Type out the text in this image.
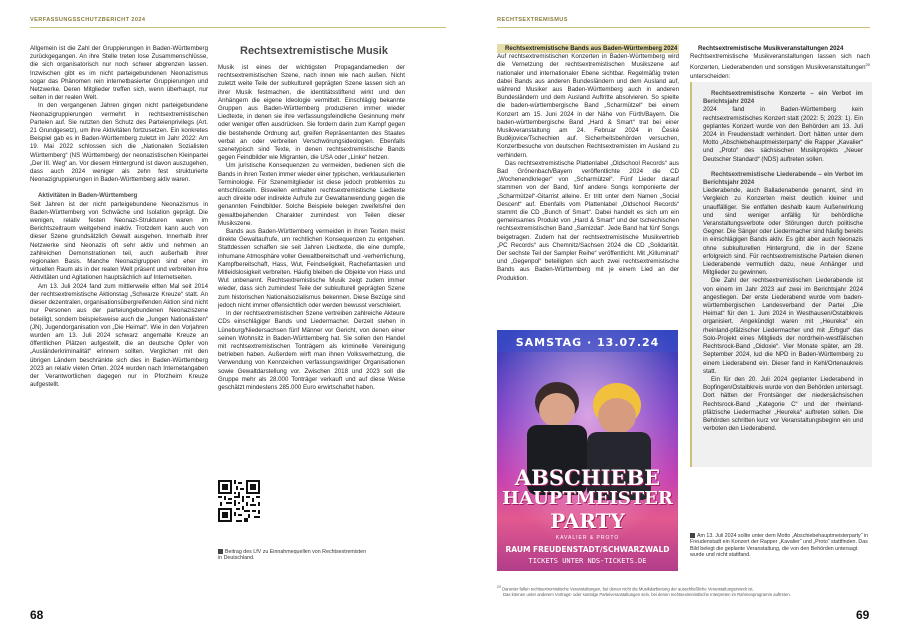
VERFASSUNGSSCHUTZBERICHT 2024	RECHTSEXTREMISMUS

Allgemein ist die Zahl der Gruppierungen in Baden-Württemberg zurückgegangen. An ihre Stelle treten lose Zusammenschlüsse, die sich organisatorisch nur noch schwer abgrenzen lassen. Inzwischen gibt es im nicht parteigebundenen Neonazismus sogar das Phänomen rein internetbasierter Gruppierungen und Netzwerke. Deren Mitglieder treffen sich, wenn überhaupt, nur selten in der realen Welt.

In den vergangenen Jahren gingen nicht parteigebundene Neonazigruppierungen vermehrt in rechtsextremistischen Parteien auf. Sie nutzten den Schutz des Parteienprivilegs (Art. 21 Grundgesetz), um ihre Aktivitäten fortzusetzen. Ein konkretes Beispiel gab es in Baden-Württemberg zuletzt im Jahr 2022: Am 19. Mai 2022 schlossen sich die „Nationalen Sozialisten Württemberg“ (NS Württemberg) der neonazistischen Kleinpartei „Der III. Weg“ an. Vor diesem Hintergrund ist davon auszugehen, dass auch 2024 weniger als zehn fest strukturierte Neonazigruppierungen in Baden-Württemberg aktiv waren.

Aktivitäten in Baden-Württemberg

Seit Jahren ist der nicht parteigebundene Neonazismus in Baden-Württemberg von Schwäche und Isolation geprägt. Die wenigen, relativ festen Neonazi-Strukturen waren im Berichtszeitraum weitgehend inaktiv. Trotzdem kann auch von dieser Szene grundsätzlich Gewalt ausgehen. Innerhalb ihrer Netzwerke sind Neonazis oft sehr aktiv und nehmen an zahlreichen Demonstrationen teil, auch außerhalb ihrer regionalen Basis. Manche Neonazigruppen sind eher im virtuellen Raum als in der realen Welt präsent und verbreiten ihre Aktivitäten und Agitationen hauptsächlich auf Internetseiten.

Am 13. Juli 2024 fand zum mittlerweile elften Mal seit 2014 der rechtsextremistische Aktionstag „Schwarze Kreuze“ statt. An dieser dezentralen, organisationsübergreifenden Aktion sind nicht nur Personen aus der parteiungebundenen Neonaziszene beteiligt, sondern beispielsweise auch die „Jungen Nationalisten“ (JN), Jugendorganisation von „Die Heimat“. Wie in den Vorjahren wurden am 13. Juli 2024 schwarz angemalte Kreuze an öffentlichen Plätzen aufgestellt, die an deutsche Opfer von „Ausländerkriminalität“ erinnern sollten. Verglichen mit den übrigen Ländern beschränkte sich dies in Baden-Württemberg 2023 an relativ vielen Orten. 2024 wurden nach Internetangaben der Verantwortlichen dagegen nur in Pforzheim Kreuze aufgestellt.

Rechtsextremistische Musik

Musik ist eines der wichtigsten Propagandamedien der rechtsextremistischen Szene, nach innen wie nach außen. Nicht zuletzt weite Teile der subkulturell geprägten Szene lassen sich an ihrer Musik festmachen, die identitätsstiftend wirkt und den Anhängern die eigene Ideologie vermittelt. Einschlägig bekannte Gruppen aus Baden-Württemberg produzieren immer wieder Liedtexte, in denen sie ihre verfassungsfeindliche Gesinnung mehr oder weniger offen ausdrücken. Sie fordern darin zum Kampf gegen die bestehende Ordnung auf, greifen Repräsentanten des Staates verbal an oder verbreiten Verschwörungsideologien. Ebenfalls szenetypisch sind Texte, in denen rechtsextremistische Bands gegen Feindbilder wie Migranten, die USA oder „Linke“ hetzen.

Um juristische Konsequenzen zu vermeiden, bedienen sich die Bands in ihren Texten immer wieder einer typischen, verklausulierten Terminologie. Für Szenemitglieder ist diese jedoch problemlos zu entschlüsseln. Bisweilen enthalten rechtsextremistische Liedtexte auch direkte oder indirekte Aufrufe zur Gewaltanwendung gegen die genannten Feindbilder. Solche Beispiele belegen zweifelsfrei den gewaltbejahenden Charakter zumindest von Teilen dieser Musikszene.

Bands aus Baden-Württemberg vermeiden in ihren Texten meist direkte Gewaltaufrufe, um rechtlichen Konsequenzen zu entgehen. Stattdessen schaffen sie seit Jahren Liedtexte, die eine dumpfe, inhumane Atmosphäre voller Gewaltbereitschaft und -verherrlichung, Kampfbereitschaft, Hass, Wut, Feindseligkeit, Rachefantasien und Mitleidslosigkeit verbreiten. Häufig bleiben die Objekte von Hass und Wut unbenannt. Rechtsextremistische Musik zeigt zudem immer wieder, dass sich zumindest Teile der subkulturell geprägten Szene zum historischen Nationalsozialismus bekennen. Diese Bezüge sind jedoch nicht immer offensichtlich oder werden bewusst verschleiert.

In der rechtsextremistischen Szene vertreiben zahlreiche Akteure CDs einschlägiger Bands und Liedermacher. Derzeit stehen in Lüneburg/Niedersachsen fünf Männer vor Gericht, von denen einer seinen Wohnsitz in Baden-Württemberg hat. Sie sollen den Handel mit rechtsextremistischen Tonträgern als kriminelle Vereinigung betrieben haben. Außerdem wirft man ihnen Volksverhetzung, die Verwendung von Kennzeichen verfassungswidriger Organisationen sowie Gewaltdarstellung vor. Zwischen 2018 und 2023 soll die Gruppe mehr als 28.000 Tonträger verkauft und auf diese Weise geschätzt mindestens 285.000 Euro erwirtschaftet haben.

Beitrag des LfV zu Einnahmequellen von Rechtsextremisten in Deutschland.

Rechtsextremistische Bands aus Baden-Württemberg 2024

Auf rechtsextremistischen Konzerten in Baden-Württemberg wird die Vernetzung der rechtsextremistischen Musikszene auf nationaler und internationaler Ebene sichtbar. Regelmäßig treten dabei Bands aus anderen Bundesländern und dem Ausland auf, während Musiker aus Baden-Württemberg auch in anderen Bundesländern und dem Ausland Auftritte absolvieren. So spielte die baden-württembergische Band „Scharmützel“ bei einem Konzert am 15. Juni 2024 in der Nähe von Fürth/Bayern. Die baden-württembergische Band „Hard & Smart“ trat bei einer Musikveranstaltung am 24. Februar 2024 in České Budějovice/Tschechien auf. Sicherheitsbehörden versuchen, Konzertbesuche von deutschen Rechtsextremisten im Ausland zu verhindern.

Das rechtsextremistische Plattenlabel „Oldschool Records“ aus Bad Grönenbach/Bayern veröffentlichte 2024 die CD „Wochenendkrieger“ von „Scharmützel“. Fünf Lieder darauf stammen von der Band, fünf andere Songs komponierte der „Scharmützel“-Gitarrist alleine. Er tritt unter dem Namen „Social Descent“ auf. Ebenfalls vom Plattenlabel „Oldschool Records“ stammt die CD „Bunch of Smart“. Dabei handelt es sich um ein gemeinsames Produkt von „Hard & Smart“ und der tschechischen rechtsextremistischen Band „Samizdat“. Jede Band hat fünf Songs beigetragen. Zudem hat der rechtsextremistische Musikvertrieb „PC Records“ aus Chemnitz/Sachsen 2024 die CD „Solidarität. Der sechste Teil der Sampler Reihe“ veröffentlicht. Mit „Killuminati“ und „Gegenpol“ beteiligten sich auch zwei rechtsextremistische Bands aus Baden-Württemberg mit je einem Lied an der Produktion.

SAMSTAG · 13.07.24
ABSCHIEBE
HAUPTMEISTER
PARTY
KAVALIER & PROTO
RAUM FREUDENSTADT/SCHWARZWALD
TICKETS UNTER NDS-TICKETS.DE

Rechtsextremistische Musikveranstaltungen 2024

Rechtsextremistische Musikveranstaltungen lassen sich nach Konzerten, Liederabenden und sonstigen Musikveranstaltungen$^{20}$ unterscheiden:

Rechtsextremistische Konzerte – ein Verbot im Berichtsjahr 2024

2024 fand in Baden-Württemberg kein rechtsextremistisches Konzert statt (2022: 5; 2023: 1). Ein geplantes Konzert wurde von den Behörden am 13. Juli 2024 in Freudenstadt verhindert. Dort hätten unter dem Motto „Abschiebehauptmeisterparty“ die Rapper „Kavalier“ und „Proto“ des sächsischen Musikprojekts „Neuer Deutscher Standard“ (NDS) auftreten sollen.

Rechtsextremistische Liederabende – ein Verbot im Berichtsjahr 2024

Liederabende, auch Balladenabende genannt, sind im Vergleich zu Konzerten meist deutlich kleiner und unauffälliger. Sie entfalten deshalb kaum Außenwirkung und sind weniger anfällig für behördliche Veranstaltungsverbote oder Störungen durch politische Gegner. Die Sänger oder Liedermacher sind häufig bereits in einschlägigen Bands aktiv. Es gibt aber auch Neonazis ohne subkulturellen Hintergrund, die in der Szene erfolgreich sind. Für rechtsextremistische Parteien dienen Liederabende vermutlich dazu, neue Anhänger und Mitglieder zu gewinnen.

Die Zahl der rechtsextremistischen Liederabende ist von einem im Jahr 2023 auf zwei im Berichtsjahr 2024 angestiegen. Der erste Liederabend wurde vom baden-württembergischen Landesverband der Partei „Die Heimat“ für den 1. Juni 2024 in Westhausen/Ostalbkreis organisiert. Angekündigt waren mit „Heureka“ ein rheinland-pfälzischer Liedermacher und mit „Erbgut“ das Solo-Projekt eines Mitglieds der nordrhein-westfälischen Rechtsrock-Band „Oidoxie“. Vier Monate später, am 28. September 2024, lud die NPD in Baden-Württemberg zu einem Liederabend ein. Dieser fand in Kehl/Ortenaukreis statt.

Ein für den 20. Juli 2024 geplanter Liederabend in Bopfingen/Ostalbkreis wurde von den Behörden untersagt. Dort hätten der Frontsänger der niedersächsischen Rechtsrock-Band „Kategorie C“ und der rheinland-pfälzische Liedermacher „Heureka“ auftreten sollen. Die Behörden schritten kurz vor Veranstaltungsbeginn ein und verboten den Liederabend.

Am 13. Juli 2024 sollte unter dem Motto „Abschiebehauptmeisterparty“ in Freudenstadt ein Konzert der Rapper „Kavalier“ und „Proto“ stattfinden. Das Bild belegt die geplante Veranstaltung, die von den Behörden untersagt wurde und nicht stattfand.
$^{20}$ Darunter fallen rechtsextremistische Veranstaltungen, bei denen nicht die Musikdarbietung der ausschließliche Veranstaltungszweck ist.
Das können unter anderem Vortrags- oder sonstige Parteiveranstaltungen sein, bei denen rechtsextremistische Interpreten im Rahmenprogramm auftreten.
68	69
